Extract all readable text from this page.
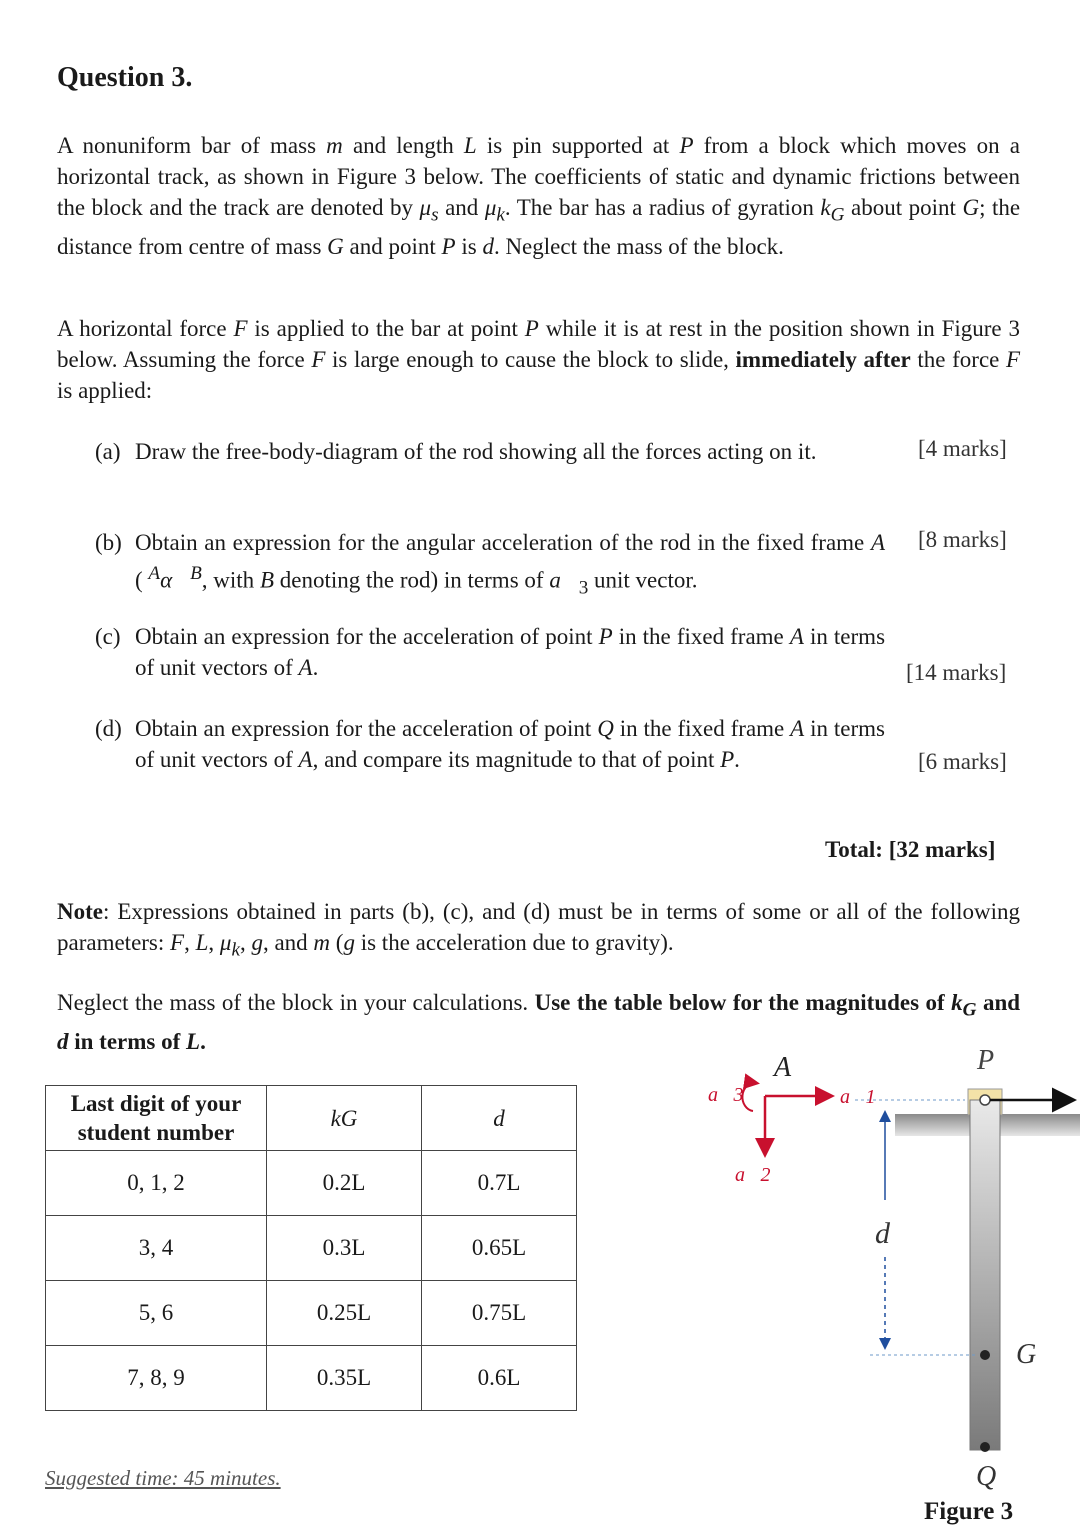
Question 3.
A nonuniform bar of mass m and length L is pin supported at P from a block which moves on a horizontal track, as shown in Figure 3 below. The coefficients of static and dynamic frictions between the block and the track are denoted by $\mu_s$ and $\mu_k$. The bar has a radius of gyration $k_G$ about point G; the distance from centre of mass G and point P is d. Neglect the mass of the block.
A horizontal force F is applied to the bar at point P while it is at rest in the position shown in Figure 3 below. Assuming the force F is large enough to cause the block to slide, immediately after the force F is applied:
(a) Draw the free-body-diagram of the rod showing all the forces acting on it.	[4 marks]
(b) Obtain an expression for the angular acceleration of the rod in the fixed frame A ( $^A$α⃗$^B$, with B denoting the rod) in terms of $a⃗_3$ unit vector.
[8 marks]
(c) Obtain an expression for the acceleration of point P in the fixed frame A in terms of unit vectors of A.	[14 marks]
(d) Obtain an expression for the acceleration of point Q in the fixed frame A in terms of unit vectors of A, and compare its magnitude to that of point P.	[6 marks]
Total: [32 marks]
Note: Expressions obtained in parts (b), (c), and (d) must be in terms of some or all of the following parameters: F, L, $\mu_k$, g, and m (g is the acceleration due to gravity).
Neglect the mass of the block in your calculations. Use the table below for the magnitudes of $k_G$ and d in terms of L.
Last digit of your student number	kG	d
0, 1, 2	0.2L	0.7L
3, 4	0.3L	0.65L
5, 6	0.25L	0.75L
7, 8, 9	0.35L	0.6L
Suggested time: 45 minutes.
A
a⃗1
a⃗2
a⃗3
P
d
G
Q
Figure 3
